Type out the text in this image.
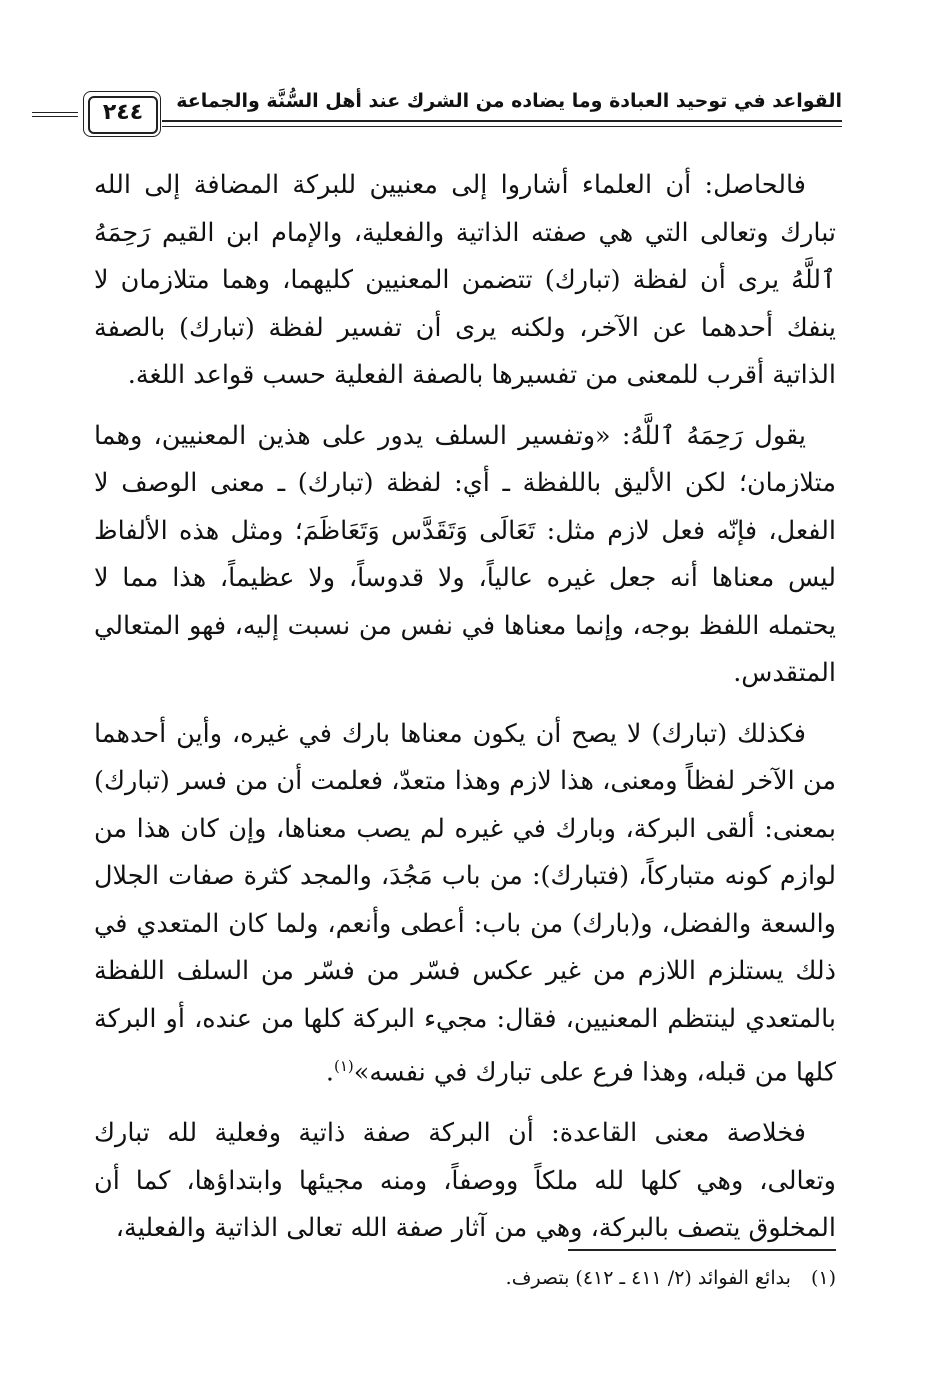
٢٤٤	القواعد في توحيد العبادة وما يضاده من الشرك عند أهل السُّنَّة والجماعة

فالحاصل: أن العلماء أشاروا إلى معنيين للبركة المضافة إلى الله تبارك وتعالى التي هي صفته الذاتية والفعلية، والإمام ابن القيم رَحِمَهُ ٱللَّهُ يرى أن لفظة (تبارك) تتضمن المعنيين كليهما، وهما متلازمان لا ينفك أحدهما عن الآخر، ولكنه يرى أن تفسير لفظة (تبارك) بالصفة الذاتية أقرب للمعنى من تفسيرها بالصفة الفعلية حسب قواعد اللغة.

يقول رَحِمَهُ ٱللَّهُ: «وتفسير السلف يدور على هذين المعنيين، وهما متلازمان؛ لكن الأليق باللفظة ـ أي: لفظة (تبارك) ـ معنى الوصف لا الفعل، فإنّه فعل لازم مثل: تَعَالَى وَتَقَدَّس وَتَعَاظَمَ؛ ومثل هذه الألفاظ ليس معناها أنه جعل غيره عالياً، ولا قدوساً، ولا عظيماً، هذا مما لا يحتمله اللفظ بوجه، وإنما معناها في نفس من نسبت إليه، فهو المتعالي المتقدس.

فكذلك (تبارك) لا يصح أن يكون معناها بارك في غيره، وأين أحدهما من الآخر لفظاً ومعنى، هذا لازم وهذا متعدّ، فعلمت أن من فسر (تبارك) بمعنى: ألقى البركة، وبارك في غيره لم يصب معناها، وإن كان هذا من لوازم كونه متباركاً، (فتبارك): من باب مَجُدَ، والمجد كثرة صفات الجلال والسعة والفضل، و(بارك) من باب: أعطى وأنعم، ولما كان المتعدي في ذلك يستلزم اللازم من غير عكس فسّر من فسّر من السلف اللفظة بالمتعدي لينتظم المعنيين، فقال: مجيء البركة كلها من عنده، أو البركة كلها من قبله، وهذا فرع على تبارك في نفسه»$^{(١)}$.

فخلاصة معنى القاعدة: أن البركة صفة ذاتية وفعلية لله تبارك وتعالى، وهي كلها لله ملكاً ووصفاً، ومنه مجيئها وابتداؤها، كما أن المخلوق يتصف بالبركة، وهي من آثار صفة الله تعالى الذاتية والفعلية،

(١) بدائع الفوائد (٢/ ٤١١ ـ ٤١٢) بتصرف.
